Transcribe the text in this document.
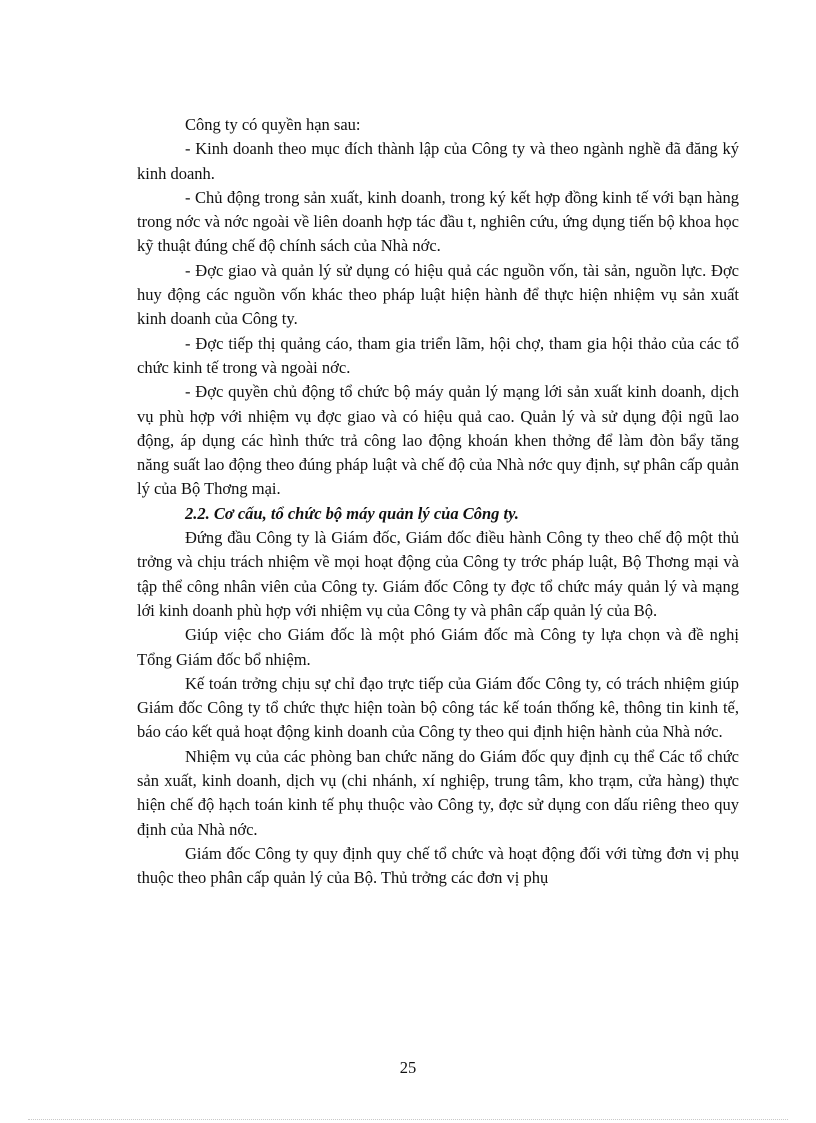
Công ty có quyền hạn sau:

- Kinh doanh theo mục đích thành lập của Công ty và theo ngành nghề đã đăng ký kinh doanh.

- Chủ động trong sản xuất, kinh doanh, trong ký kết hợp đồng kinh tế với bạn hàng trong nớc và nớc ngoài về liên doanh hợp tác đầu t, nghiên cứu, ứng dụng tiến bộ khoa học kỹ thuật đúng chế độ chính sách của Nhà nớc.

- Đợc giao và quản lý sử dụng có hiệu quả các nguồn vốn, tài sản, nguồn lực. Đợc huy động các nguồn vốn khác theo pháp luật hiện hành để thực hiện nhiệm vụ sản xuất kinh doanh của Công ty.

- Đợc tiếp thị quảng cáo, tham gia triển lãm, hội chợ, tham gia hội thảo của các tổ chức kinh tế trong và ngoài nớc.

- Đợc quyền chủ động tổ chức bộ máy quản lý mạng lới sản xuất kinh doanh, dịch vụ phù hợp với nhiệm vụ đợc giao và có hiệu quả cao. Quản lý và sử dụng đội ngũ lao động, áp dụng các hình thức trả công lao động khoán khen thởng để làm đòn bẩy tăng năng suất lao động theo đúng pháp luật và chế độ của Nhà nớc quy định, sự phân cấp quản lý của Bộ Thơng mại.

2.2. Cơ cấu, tổ chức bộ máy quản lý của Công ty.

Đứng đầu Công ty là Giám đốc, Giám đốc điều hành Công ty theo chế độ một thủ trởng và chịu trách nhiệm về mọi hoạt động của Công ty trớc pháp luật, Bộ Thơng mại và tập thể công nhân viên của Công ty. Giám đốc Công ty đợc tổ chức máy quản lý và mạng lới kinh doanh phù hợp với nhiệm vụ của Công ty và phân cấp quản lý của Bộ.

Giúp việc cho Giám đốc là một phó Giám đốc mà Công ty lựa chọn và đề nghị Tổng Giám đốc bổ nhiệm.

Kế toán trởng chịu sự chỉ đạo trực tiếp của Giám đốc Công ty, có trách nhiệm giúp Giám đốc Công ty tổ chức thực hiện toàn bộ công tác kế toán thống kê, thông tin kinh tế, báo cáo kết quả hoạt động kinh doanh của Công ty theo qui định hiện hành của Nhà nớc.

Nhiệm vụ của các phòng ban chức năng do Giám đốc quy định cụ thể Các tổ chức sản xuất, kinh doanh, dịch vụ (chi nhánh, xí nghiệp, trung tâm, kho trạm, cửa hàng) thực hiện chế độ hạch toán kinh tế phụ thuộc vào Công ty, đợc sử dụng con dấu riêng theo quy định của Nhà nớc.

Giám đốc Công ty quy định quy chế tổ chức và hoạt động đối với từng đơn vị phụ thuộc theo phân cấp quản lý của Bộ. Thủ trởng các đơn vị phụ

25
